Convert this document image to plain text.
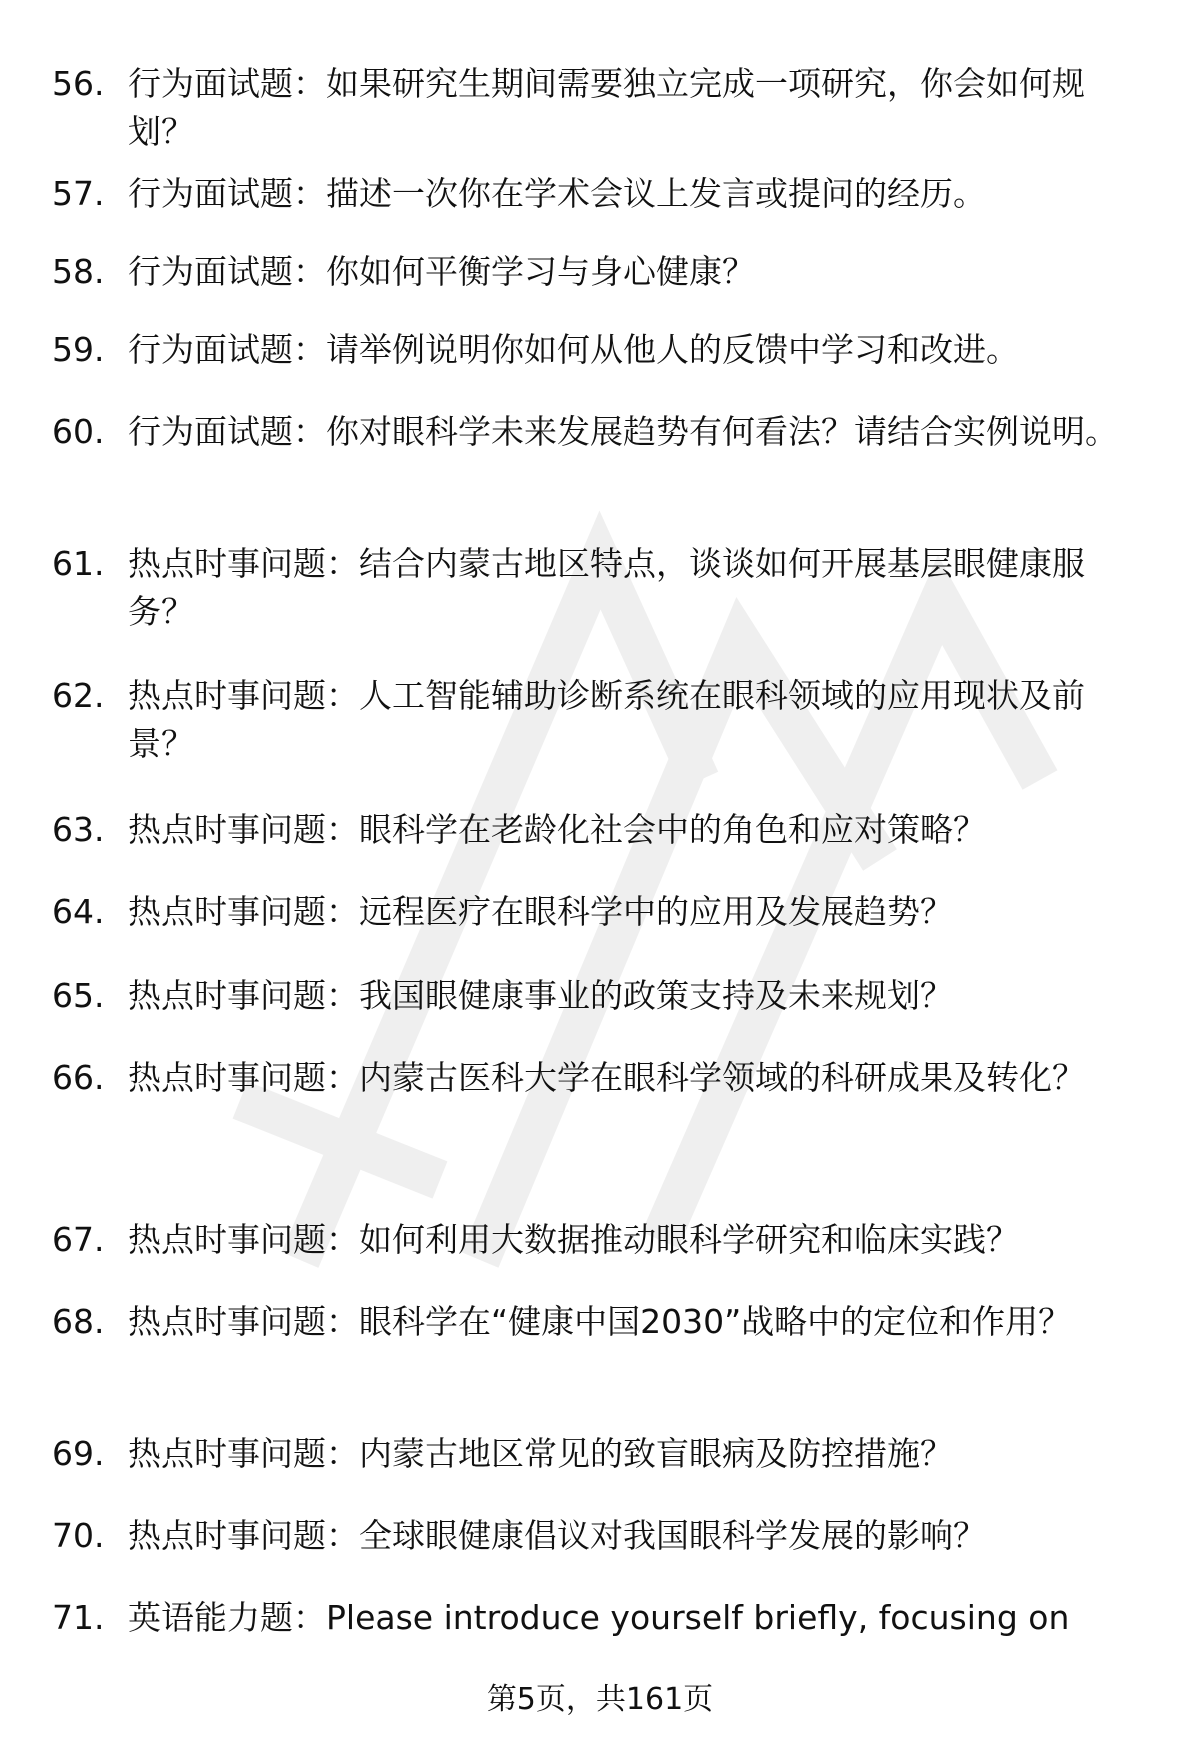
56. 行为面试题：如果研究生期间需要独立完成一项研究，你会如何规划？
57. 行为面试题：描述一次你在学术会议上发言或提问的经历。
58. 行为面试题：你如何平衡学习与身心健康？
59. 行为面试题：请举例说明你如何从他人的反馈中学习和改进。
60. 行为面试题：你对眼科学未来发展趋势有何看法？请结合实例说明。
61. 热点时事问题：结合内蒙古地区特点，谈谈如何开展基层眼健康服务？
62. 热点时事问题：人工智能辅助诊断系统在眼科领域的应用现状及前景？
63. 热点时事问题：眼科学在老龄化社会中的角色和应对策略？
64. 热点时事问题：远程医疗在眼科学中的应用及发展趋势？
65. 热点时事问题：我国眼健康事业的政策支持及未来规划？
66. 热点时事问题：内蒙古医科大学在眼科学领域的科研成果及转化？
67. 热点时事问题：如何利用大数据推动眼科学研究和临床实践？
68. 热点时事问题：眼科学在“健康中国2030”战略中的定位和作用？
69. 热点时事问题：内蒙古地区常见的致盲眼病及防控措施？
70. 热点时事问题：全球眼健康倡议对我国眼科学发展的影响？
71. 英语能力题：Please introduce yourself briefly, focusing on
第5页，共161页
